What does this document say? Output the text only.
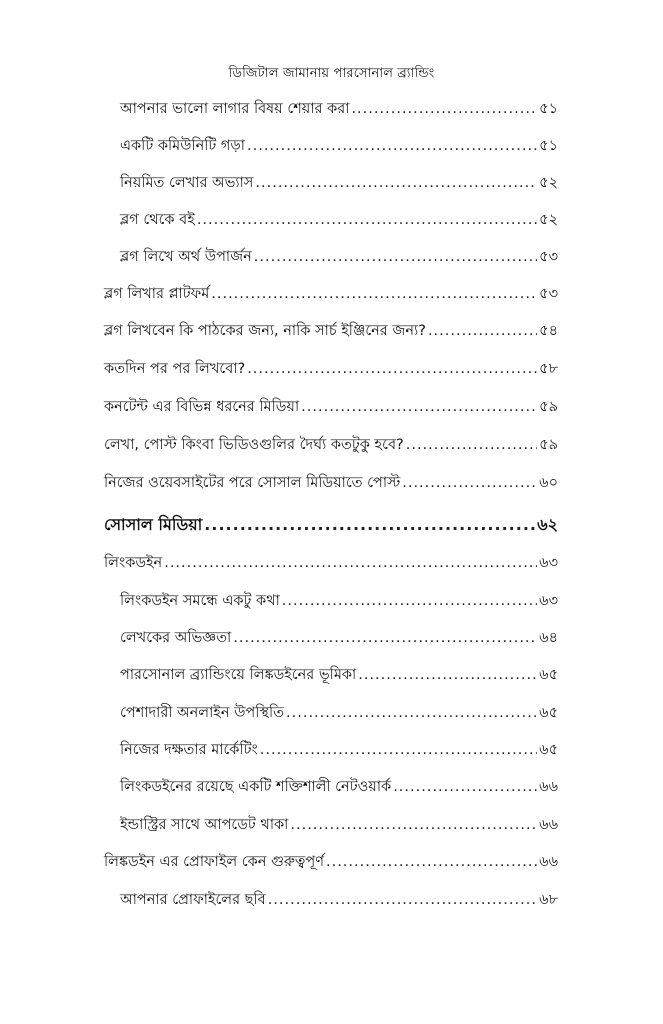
ডিজিটাল জামানায় পারসোনাল ব্র্যান্ডিং
আপনার ভালো লাগার বিষয় শেয়ার করা .....	৫১
একটি কমিউনিটি গড়া .....	৫১
নিয়মিত লেখার অভ্যাস .....	৫২
ব্লগ থেকে বই .....	৫২
ব্লগ লিখে অর্থ উপার্জন .....	৫৩
ব্লগ লিখার প্লাটফর্ম .....	৫৩
ব্লগ লিখবেন কি পাঠকের জন্য, নাকি সার্চ ইঞ্জিনের জন্য? .....	৫৪
কতদিন পর পর লিখবো? .....	৫৮
কনটেন্ট এর বিভিন্ন ধরনের মিডিয়া .....	৫৯
লেখা, পোস্ট কিংবা ভিডিওগুলির দৈর্ঘ্য কতটুকু হবে? .....	৫৯
নিজের ওয়েবসাইটের পরে সোসাল মিডিয়াতে পোস্ট .....	৬০
সোসাল মিডিয়া .....	৬২
লিংকডইন .....	৬৩
লিংকডইন সমন্ধে একটু কথা .....	৬৩
লেখকের অভিজ্ঞতা .....	৬৪
পারসোনাল ব্র্যান্ডিংয়ে লিঙ্কডইনের ভূমিকা .....	৬৫
পেশাদারী অনলাইন উপস্থিতি .....	৬৫
নিজের দক্ষতার মার্কেটিং .....	৬৫
লিংকডইনের রয়েছে একটি শক্তিশালী নেটওয়ার্ক .....	৬৬
ইন্ডাস্ট্রির সাথে আপডেট থাকা .....	৬৬
লিঙ্কডইন এর প্রোফাইল কেন গুরুত্বপূর্ণ .....	৬৬
আপনার প্রোফাইলের ছবি .....	৬৮
